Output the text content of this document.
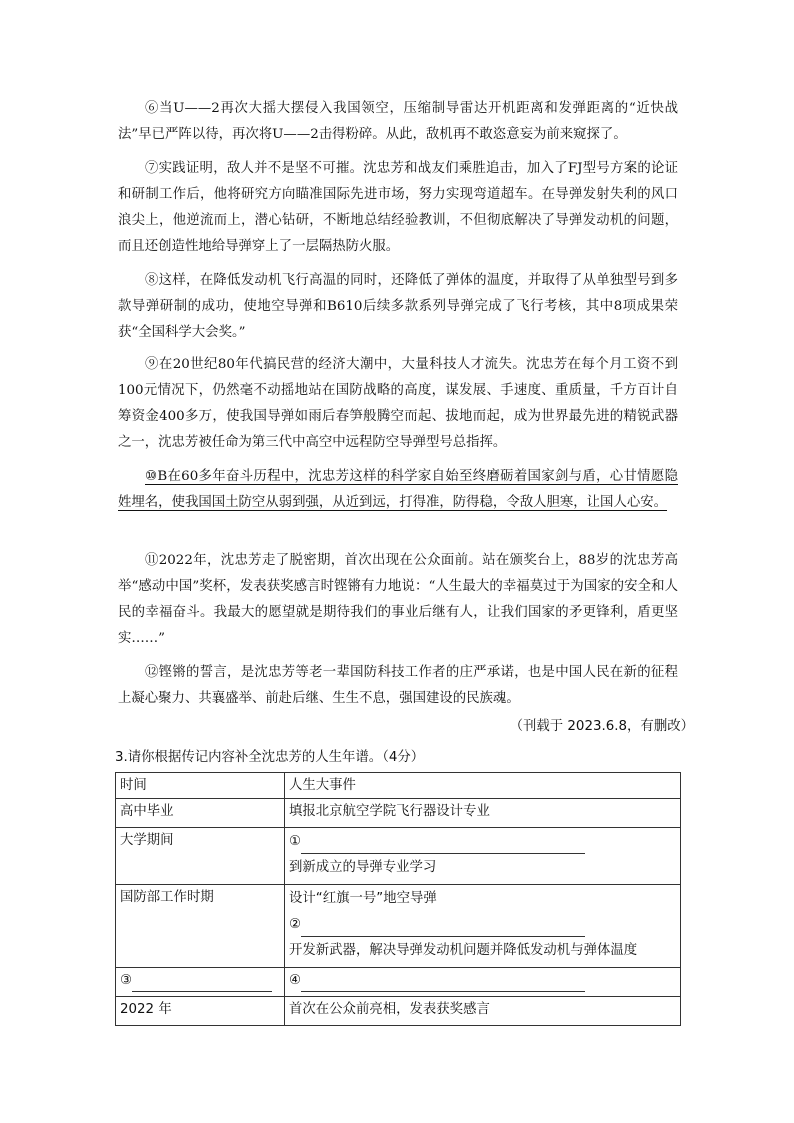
⑥当U——2再次大摇大摆侵入我国领空，压缩制导雷达开机距离和发弹距离的“近快战法”早已严阵以待，再次将U——2击得粉碎。从此，敌机再不敢恣意妄为前来窥探了。

⑦实践证明，敌人并不是坚不可摧。沈忠芳和战友们乘胜追击，加入了FJ型号方案的论证和研制工作后，他将研究方向瞄准国际先进市场，努力实现弯道超车。在导弹发射失利的风口浪尖上，他逆流而上，潜心钻研，不断地总结经验教训，不但彻底解决了导弹发动机的问题，而且还创造性地给导弹穿上了一层隔热防火服。

⑧这样，在降低发动机飞行高温的同时，还降低了弹体的温度，并取得了从单独型号到多款导弹研制的成功，使地空导弹和B610后续多款系列导弹完成了飞行考核，其中8项成果荣获“全国科学大会奖。”

⑨在20世纪80年代搞民营的经济大潮中，大量科技人才流失。沈忠芳在每个月工资不到100元情况下，仍然毫不动摇地站在国防战略的高度，谋发展、手速度、重质量，千方百计自筹资金400多万，使我国导弹如雨后春笋般腾空而起、拔地而起，成为世界最先进的精锐武器之一，沈忠芳被任命为第三代中高空中远程防空导弹型号总指挥。

⑩B在60多年奋斗历程中，沈忠芳这样的科学家自始至终磨砺着国家剑与盾，心甘情愿隐姓埋名，使我国国土防空从弱到强，从近到远，打得准，防得稳，令敌人胆寒，让国人心安。

⑪2022年，沈忠芳走了脱密期，首次出现在公众面前。站在颁奖台上，88岁的沈忠芳高举“感动中国”奖杯，发表获奖感言时铿锵有力地说：“人生最大的幸福莫过于为国家的安全和人民的幸福奋斗。我最大的愿望就是期待我们的事业后继有人，让我们国家的矛更锋利，盾更坚实……”

⑫铿锵的誓言，是沈忠芳等老一辈国防科技工作者的庄严承诺，也是中国人民在新的征程上凝心聚力、共襄盛举、前赴后继、生生不息，强国建设的民族魂。

（刊载于 2023.6.8，有删改）
3.请你根据传记内容补全沈忠芳的人生年谱。（4分）
时间	人生大事件
高中毕业	填报北京航空学院飞行器设计专业

大学期间	①
到新成立的导弹专业学习

国防部工作时期	设计“红旗一号”地空导弹
②
开发新武器，解决导弹发动机问题并降低发动机与弹体温度

③	④

2022 年	首次在公众前亮相，发表获奖感言
